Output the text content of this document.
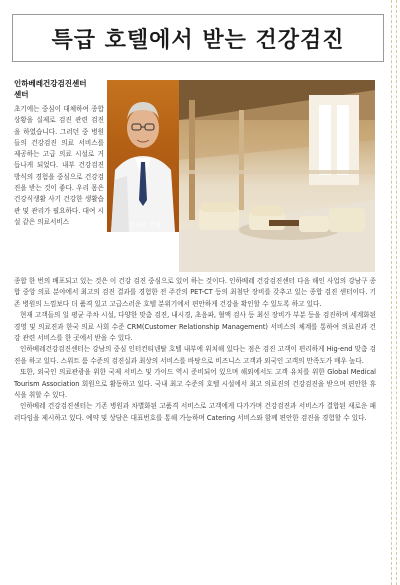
특급 호텔에서 받는 건강검진
인하베레건강검진센터
센터
초기에는 중심이 대체하여 종합상황을 실제로 검진 관련 검진을 하였습니다. 그러던 중 병원들의 건강검진 의료 서비스를 제공하는 고급 의료 시설로 거듭나게 되었다. 내부 건강검진 방식의 경험을 중심으로 건강검진을 받는 것이 좋다. 우리 몸은 건강식생활 사기 건강한 생활습관 및 관리가 필요하다. 대여 시설 같은 의료서비스	인하부 원장

종합 한 번의 배포되고 있는 것은 이 건강 검진 중심으로 있어 하는 것이다. 인하베레 건강검진센터 다음 해인 사업의 강남구 종합 중앙 의료 분야에서 최고의 검진 결과를 경험한 전 주간의 PET-CT 등의 최첨단 장비를 갖추고 있는 종합 검진 센터이다. 기존 병원의 느낌보다 더 품격 있고 고급스러운 호텔 분위기에서 편안하게 건강을 확인할 수 있도록 하고 있다.

현재 고객들의 일 평균 주차 시설, 다양한 맞춤 검진, 내시경, 초음파, 혈액 검사 등 최신 장비가 부분 등을 검진하며 세계화된 경영 및 의료진과 한국 의료 사회 수준 CRM(Customer Relationship Management) 서비스의 체계를 통하여 의료진과 건강 관련 서비스를 한 곳에서 받을 수 있다.

인하베레건강검진센터는 강남의 중심 인터컨티넨탈 호텔 내부에 위치해 있다는 점은 검진 고객이 편리하게 Hig-end 맞춤 검진을 하고 있다. 스위트 룸 수준의 검진실과 최상의 서비스를 바탕으로 비즈니스 고객과 외국인 고객의 만족도가 매우 높다.

또한, 외국인 의료관광을 위한 국제 서비스 및 가이드 역시 준비되어 있으며 해외에서도 고객 유치를 위한 Global Medical Tourism Association 회원으로 활동하고 있다. 국내 최고 수준의 호텔 시설에서 최고 의료진의 건강검진을 받으며 편안한 휴식을 취할 수 있다.

인하베레 건강검진센터는 기존 병원과 차별화된 고품격 서비스로 고객에게 다가가며 건강검진과 서비스가 결합된 새로운 패러다임을 제시하고 있다. 예약 및 상담은 대표번호를 통해 가능하며 Catering 서비스와 함께 편안한 검진을 경험할 수 있다.
